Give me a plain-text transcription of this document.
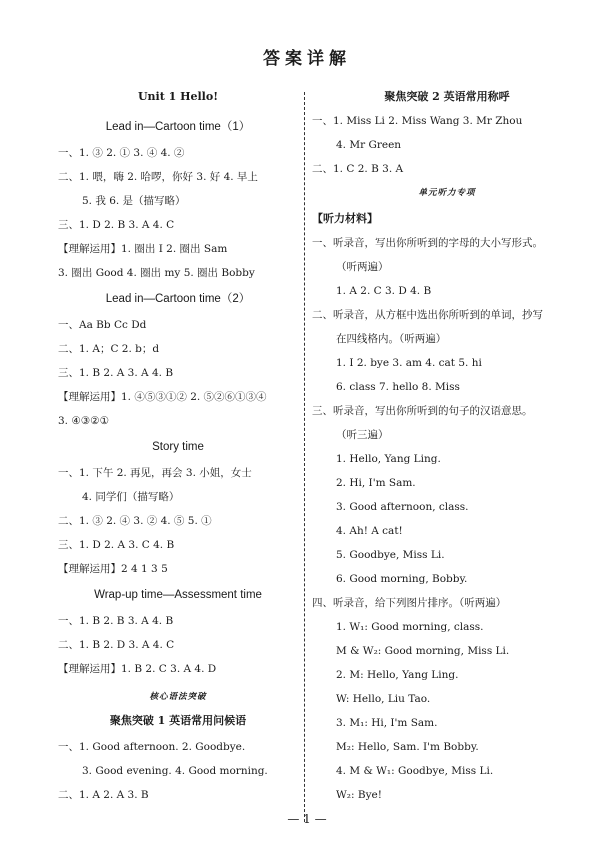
答案详解
Unit 1 Hello!
Lead in—Cartoon time（1）
一、1. ③ 2. ① 3. ④ 4. ②
二、1. 喂，嗨 2. 哈啰，你好 3. 好 4. 早上
5. 我 6. 是（描写略）
三、1. D 2. B 3. A 4. C
【理解运用】1. 圈出 I 2. 圈出 Sam
3. 圈出 Good 4. 圈出 my 5. 圈出 Bobby
Lead in—Cartoon time（2）
一、Aa Bb Cc Dd
二、1. A；C 2. b；d
三、1. B 2. A 3. A 4. B
【理解运用】1. ④⑤③①② 2. ⑤②⑥①③④
3. ④③②①
Story time
一、1. 下午 2. 再见，再会 3. 小姐，女士
4. 同学们（描写略）
二、1. ③ 2. ④ 3. ② 4. ⑤ 5. ①
三、1. D 2. A 3. C 4. B
【理解运用】2 4 1 3 5
Wrap-up time—Assessment time
一、1. B 2. B 3. A 4. B
二、1. B 2. D 3. A 4. C
【理解运用】1. B 2. C 3. A 4. D
核心语法突破
聚焦突破 1 英语常用问候语
一、1. Good afternoon. 2. Goodbye.
3. Good evening. 4. Good morning.
二、1. A 2. A 3. B
聚焦突破 2 英语常用称呼
一、1. Miss Li 2. Miss Wang 3. Mr Zhou
4. Mr Green
二、1. C 2. B 3. A
单元听力专项
【听力材料】
一、听录音，写出你所听到的字母的大小写形式。
（听两遍）
1. A 2. C 3. D 4. B
二、听录音，从方框中选出你所听到的单词，抄写
在四线格内。（听两遍）
1. I 2. bye 3. am 4. cat 5. hi
6. class 7. hello 8. Miss
三、听录音，写出你所听到的句子的汉语意思。
（听三遍）
1. Hello, Yang Ling.
2. Hi, I'm Sam.
3. Good afternoon, class.
4. Ah! A cat!
5. Goodbye, Miss Li.
6. Good morning, Bobby.
四、听录音，给下列图片排序。（听两遍）
1. W₁: Good morning, class.
M & W₂: Good morning, Miss Li.
2. M: Hello, Yang Ling.
W: Hello, Liu Tao.
3. M₁: Hi, I'm Sam.
M₂: Hello, Sam. I'm Bobby.
4. M & W₁: Goodbye, Miss Li.
W₂: Bye!
— 1 —
